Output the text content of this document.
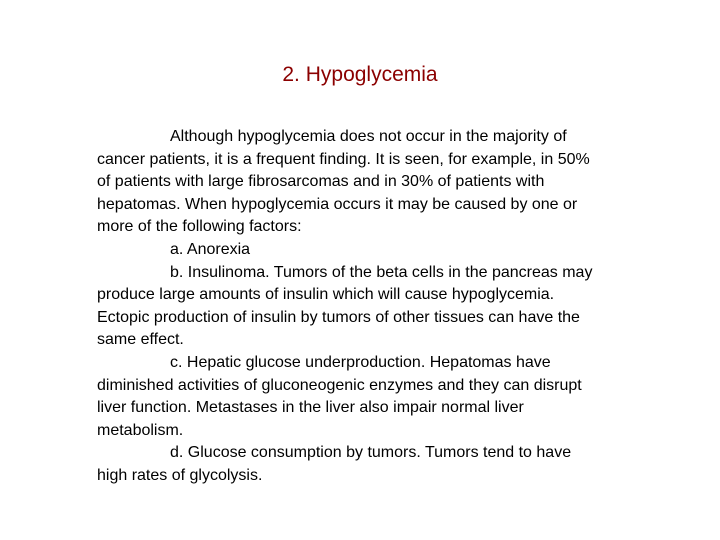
2. Hypoglycemia

Although hypoglycemia does not occur in the majority of cancer patients, it is a frequent finding. It is seen, for example, in 50% of patients with large fibrosarcomas and in 30% of patients with hepatomas. When hypoglycemia occurs it may be caused by one or more of the following factors:

a. Anorexia

b. Insulinoma. Tumors of the beta cells in the pancreas may produce large amounts of insulin which will cause hypoglycemia. Ectopic production of insulin by tumors of other tissues can have the same effect.

c. Hepatic glucose underproduction. Hepatomas have diminished activities of gluconeogenic enzymes and they can disrupt liver function. Metastases in the liver also impair normal liver metabolism.

d. Glucose consumption by tumors. Tumors tend to have high rates of glycolysis.
